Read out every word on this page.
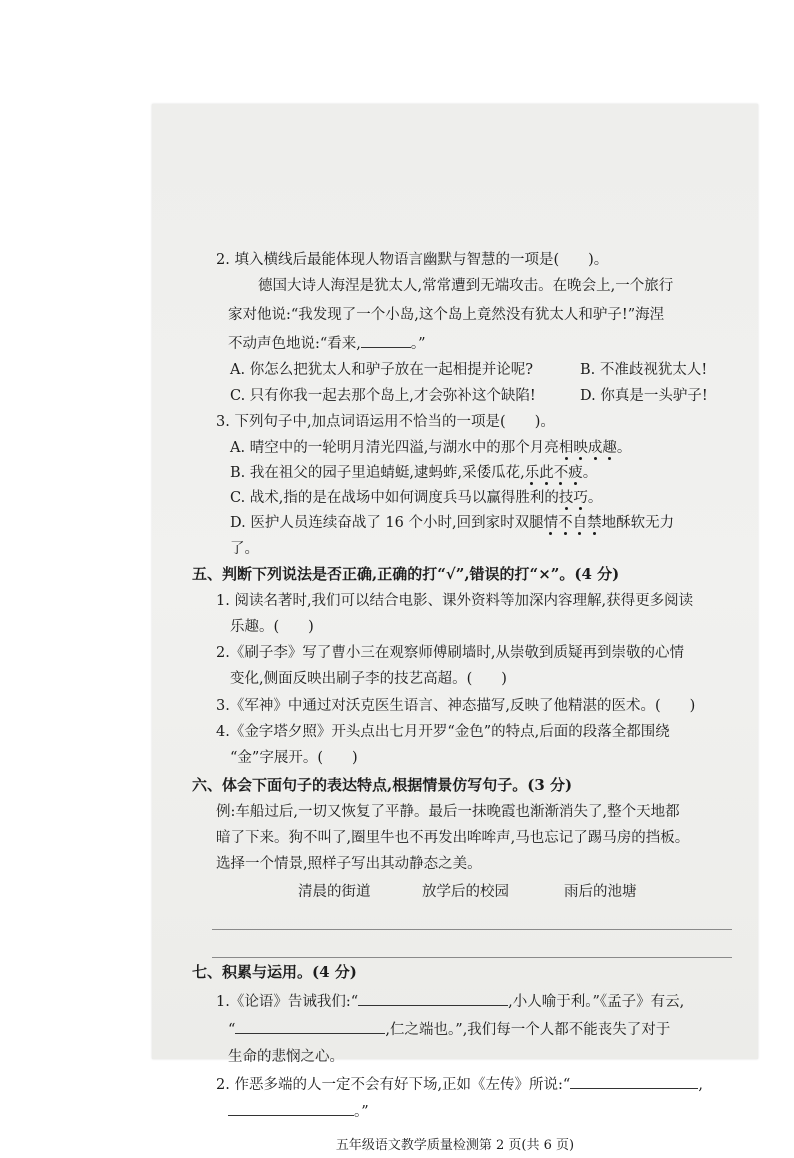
2. 填入横线后最能体现人物语言幽默与智慧的一项是(　　)。
德国大诗人海涅是犹太人,常常遭到无端攻击。在晚会上,一个旅行
家对他说:“我发现了一个小岛,这个岛上竟然没有犹太人和驴子!”海涅
不动声色地说:“看来,	。”
A. 你怎么把犹太人和驴子放在一起相提并论呢?	B. 不准歧视犹太人!
C. 只有你我一起去那个岛上,才会弥补这个缺陷!	D. 你真是一头驴子!
3. 下列句子中,加点词语运用不恰当的一项是(　　)。
A. 晴空中的一轮明月清光四溢,与湖水中的那个月亮相映成趣。
B. 我在祖父的园子里追蜻蜓,逮蚂蚱,采倭瓜花,乐此不疲。
C. 战术,指的是在战场中如何调度兵马以赢得胜利的技巧。
D. 医护人员连续奋战了 16 个小时,回到家时双腿情不自禁地酥软无力
了。
五、判断下列说法是否正确,正确的打“√”,错误的打“×”。(4 分)
1. 阅读名著时,我们可以结合电影、课外资料等加深内容理解,获得更多阅读
乐趣。(　　)
2.《刷子李》写了曹小三在观察师傅刷墙时,从崇敬到质疑再到崇敬的心情
变化,侧面反映出刷子李的技艺高超。(　　)
3.《军神》中通过对沃克医生语言、神态描写,反映了他精湛的医术。(　　)
4.《金字塔夕照》开头点出七月开罗“金色”的特点,后面的段落全都围绕
“金”字展开。(　　)
六、体会下面句子的表达特点,根据情景仿写句子。(3 分)
例:车船过后,一切又恢复了平静。最后一抹晚霞也渐渐消失了,整个天地都
暗了下来。狗不叫了,圈里牛也不再发出哞哞声,马也忘记了踢马房的挡板。
选择一个情景,照样子写出其动静态之美。
清晨的街道	放学后的校园	雨后的池塘
七、积累与运用。(4 分)
1.《论语》告诫我们:“	,小人喻于利。”《孟子》有云,
“	,仁之端也。”,我们每一个人都不能丧失了对于
生命的悲悯之心。
2. 作恶多端的人一定不会有好下场,正如《左传》所说:“	,
。”
五年级语文教学质量检测第 2 页(共 6 页)
